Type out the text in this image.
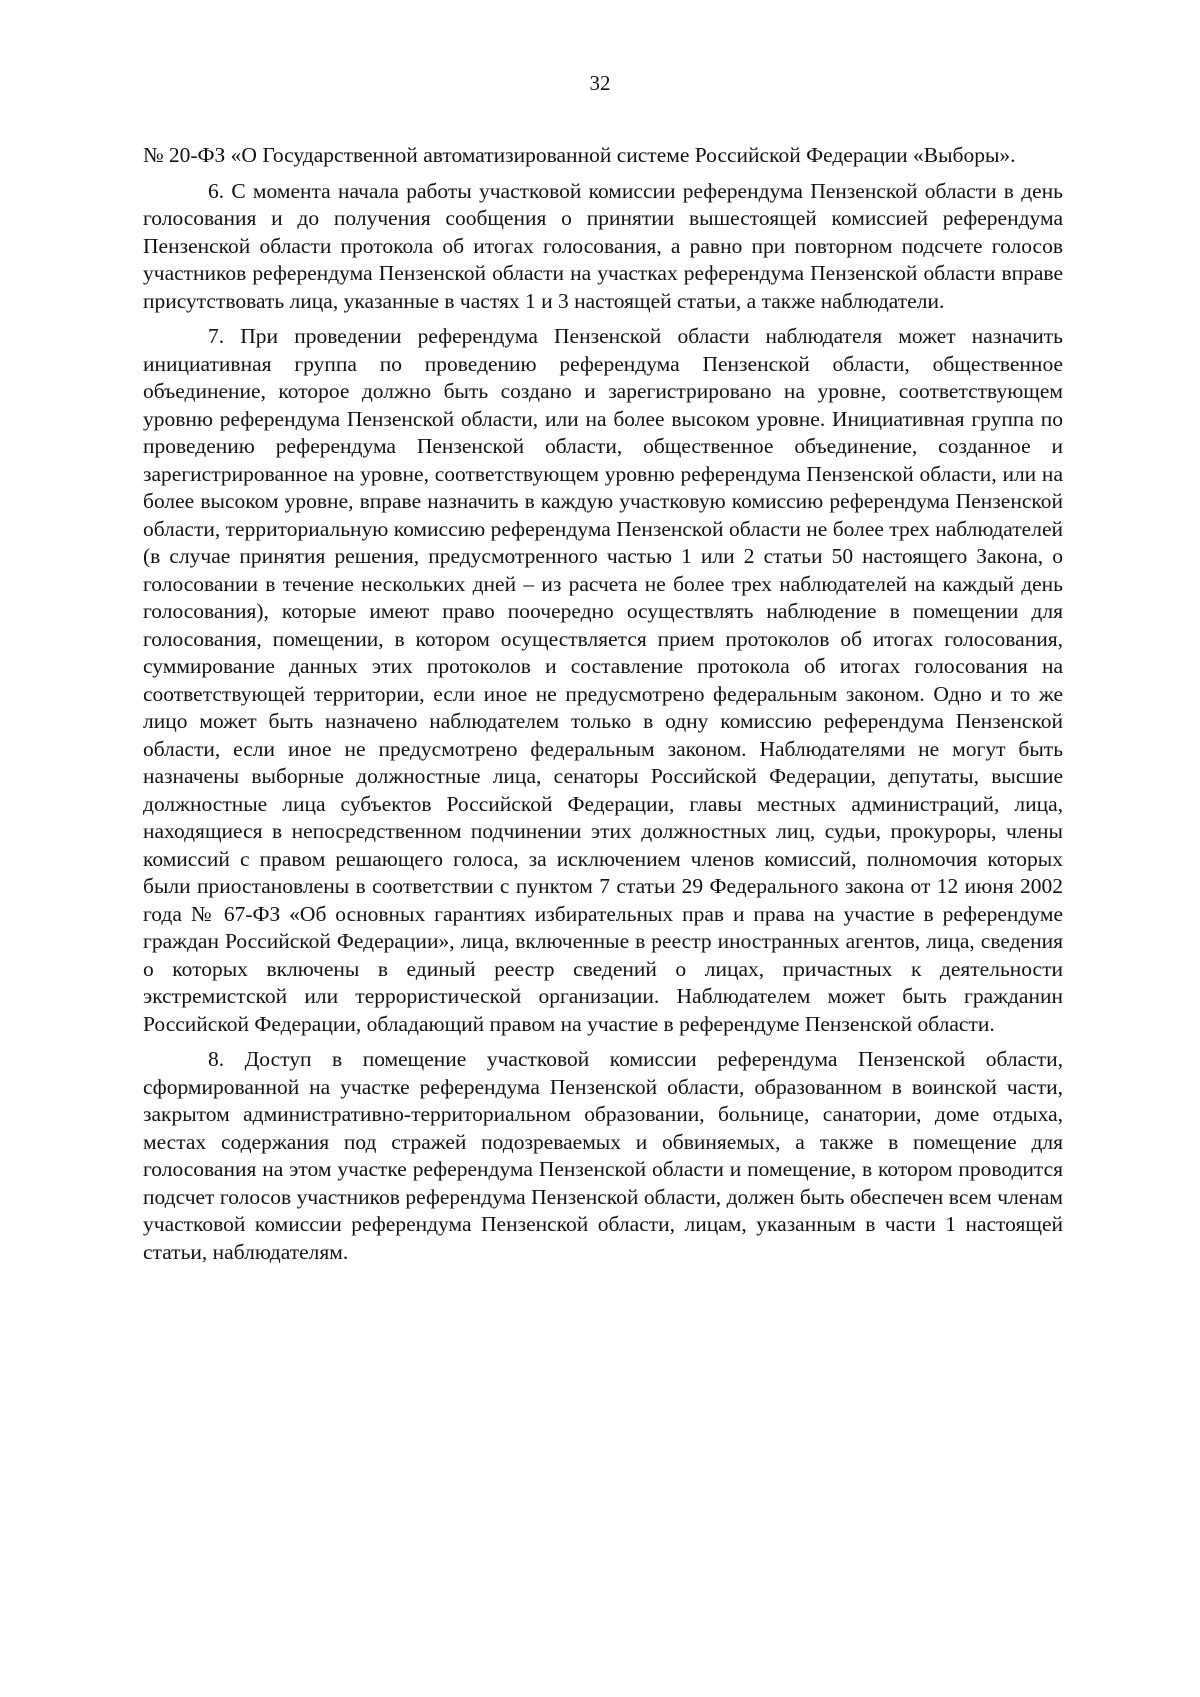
32

№ 20-ФЗ «О Государственной автоматизированной системе Российской Федерации «Выборы».

6. С момента начала работы участковой комиссии референдума Пензенской области в день голосования и до получения сообщения о принятии вышестоящей комиссией референдума Пензенской области протокола об итогах голосования, а равно при повторном подсчете голосов участников референдума Пензенской области на участках референдума Пензенской области вправе присутствовать лица, указанные в частях 1 и 3 настоящей статьи, а также наблюдатели.

7. При проведении референдума Пензенской области наблюдателя может назначить инициативная группа по проведению референдума Пензенской области, общественное объединение, которое должно быть создано и зарегистрировано на уровне, соответствующем уровню референдума Пензенской области, или на более высоком уровне. Инициативная группа по проведению референдума Пензенской области, общественное объединение, созданное и зарегистрированное на уровне, соответствующем уровню референдума Пензенской области, или на более высоком уровне, вправе назначить в каждую участковую комиссию референдума Пензенской области, территориальную комиссию референдума Пензенской области не более трех наблюдателей (в случае принятия решения, предусмотренного частью 1 или 2 статьи 50 настоящего Закона, о голосовании в течение нескольких дней – из расчета не более трех наблюдателей на каждый день голосования), которые имеют право поочередно осуществлять наблюдение в помещении для голосования, помещении, в котором осуществляется прием протоколов об итогах голосования, суммирование данных этих протоколов и составление протокола об итогах голосования на соответствующей территории, если иное не предусмотрено федеральным законом. Одно и то же лицо может быть назначено наблюдателем только в одну комиссию референдума Пензенской области, если иное не предусмотрено федеральным законом. Наблюдателями не могут быть назначены выборные должностные лица, сенаторы Российской Федерации, депутаты, высшие должностные лица субъектов Российской Федерации, главы местных администраций, лица, находящиеся в непосредственном подчинении этих должностных лиц, судьи, прокуроры, члены комиссий с правом решающего голоса, за исключением членов комиссий, полномочия которых были приостановлены в соответствии с пунктом 7 статьи 29 Федерального закона от 12 июня 2002 года № 67-ФЗ «Об основных гарантиях избирательных прав и права на участие в референдуме граждан Российской Федерации», лица, включенные в реестр иностранных агентов, лица, сведения о которых включены в единый реестр сведений о лицах, причастных к деятельности экстремистской или террористической организации. Наблюдателем может быть гражданин Российской Федерации, обладающий правом на участие в референдуме Пензенской области.

8. Доступ в помещение участковой комиссии референдума Пензенской области, сформированной на участке референдума Пензенской области, образованном в воинской части, закрытом административно-территориальном образовании, больнице, санатории, доме отдыха, местах содержания под стражей подозреваемых и обвиняемых, а также в помещение для голосования на этом участке референдума Пензенской области и помещение, в котором проводится подсчет голосов участников референдума Пензенской области, должен быть обеспечен всем членам участковой комиссии референдума Пензенской области, лицам, указанным в части 1 настоящей статьи, наблюдателям.
